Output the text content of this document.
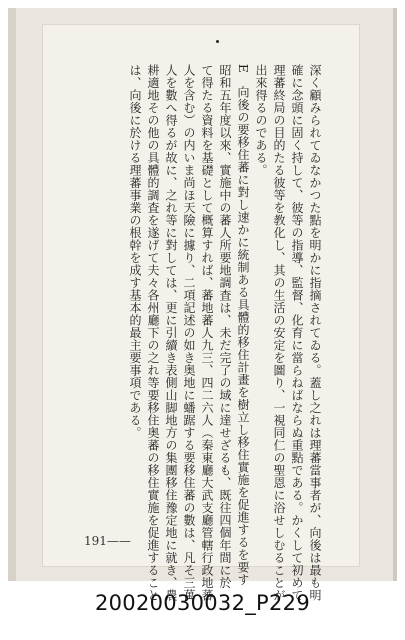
深く顧みられてゐなかつた點を明かに指摘されてゐる。蓋し之れは理蕃當事者が、向後は最も明
確に念頭に固く持して、彼等の指導、監督、化育に當らねばならぬ重點である。かくして初めて
理蕃終局の目的たる彼等を教化し、其の生活の安定を圖り、一視同仁の聖恩に浴せしむることが
出來得るのである。
E　向後の要移住蕃に對し速かに統制ある具體的移住計畫を樹立し移住實施を促進するを要す
昭和五年度以來、實施中の蕃人所要地調査は、未だ完了の域に達せざるも、既往四個年間に於
て得たる資料を基礎として概算すれば、蕃地蕃人九三、四二六人（秦東廳大武支廳管轄行政地蕃
人を含む）の内いま尚ほ天險に據り、二項記述の如き奥地に蟠踞する要移住蕃の數は、凡そ三萬
人を數へ得るが故に、之れ等に對しては、更に引續き表側山脚地方の集團移住豫定地に就き、農
耕適地その他の具體的調査を遂げて夫々各州廳下の之れ等要移住奥蕃の移住實施を促進すること
は、向後に於ける理蕃事業の根幹を成す基本的最主要事項である。
191——
20020030032_P229
